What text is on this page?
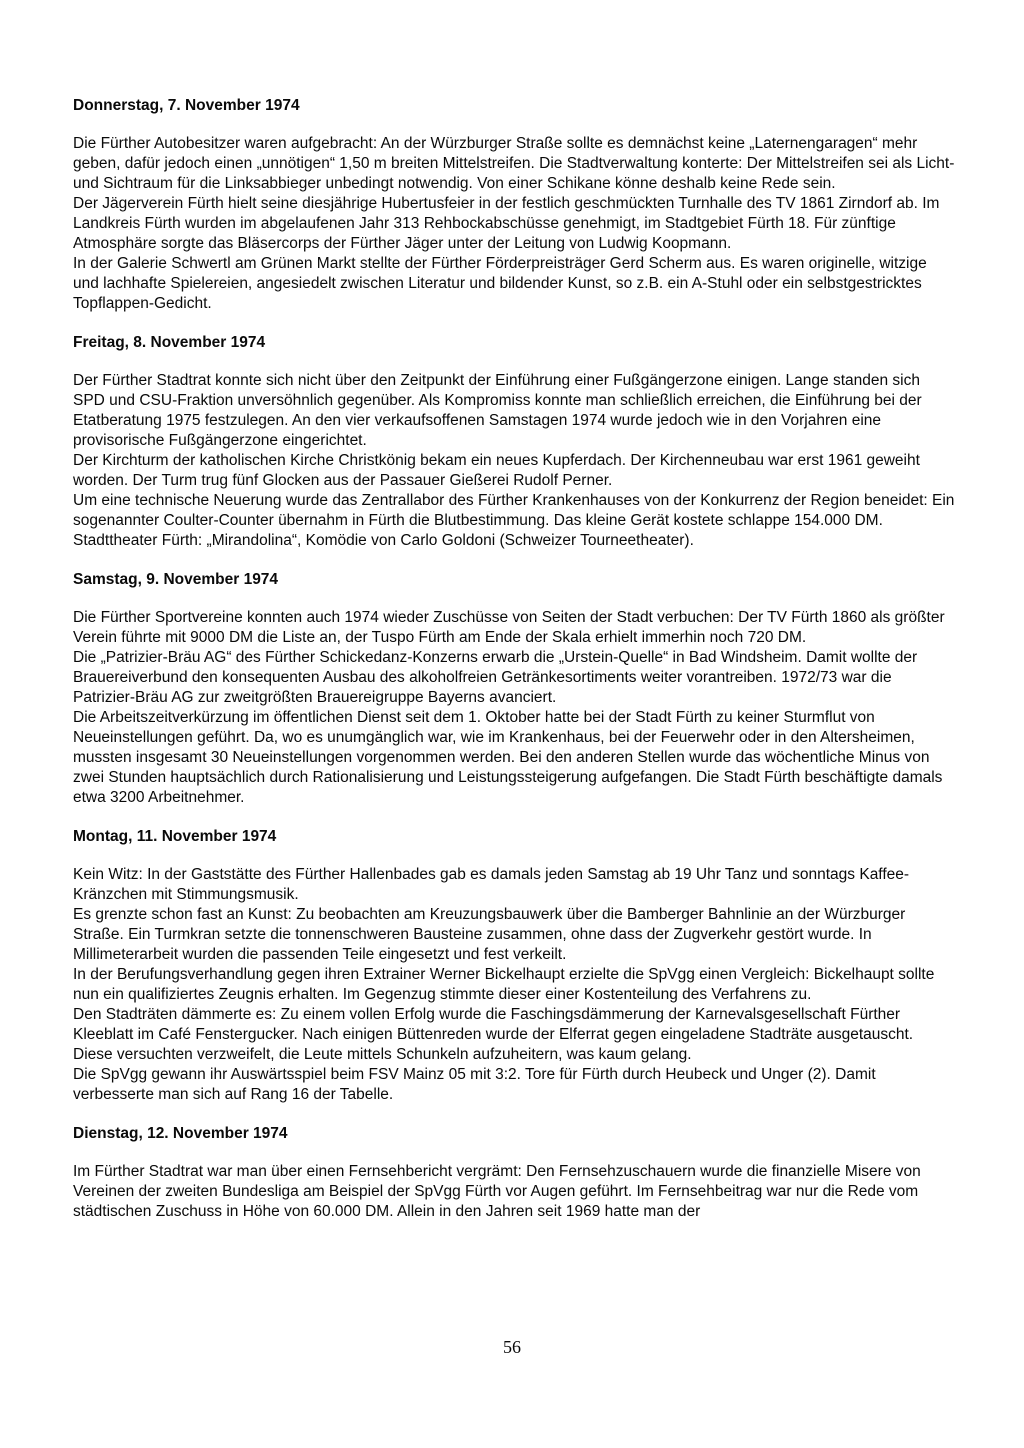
Donnerstag, 7. November 1974

Die Fürther Autobesitzer waren aufgebracht: An der Würzburger Straße sollte es demnächst keine „Laternengaragen“ mehr geben, dafür jedoch einen „unnötigen“ 1,50 m breiten Mittelstreifen. Die Stadtverwaltung konterte: Der Mittelstreifen sei als Licht- und Sichtraum für die Linksabbieger unbedingt notwendig. Von einer Schikane könne deshalb keine Rede sein.

Der Jägerverein Fürth hielt seine diesjährige Hubertusfeier in der festlich geschmückten Turnhalle des TV 1861 Zirndorf ab. Im Landkreis Fürth wurden im abgelaufenen Jahr 313 Rehbockabschüsse genehmigt, im Stadtgebiet Fürth 18. Für zünftige Atmosphäre sorgte das Bläsercorps der Fürther Jäger unter der Leitung von Ludwig Koopmann.

In der Galerie Schwertl am Grünen Markt stellte der Fürther Förderpreisträger Gerd Scherm aus. Es waren originelle, witzige und lachhafte Spielereien, angesiedelt zwischen Literatur und bildender Kunst, so z.B. ein A-Stuhl oder ein selbstgestricktes Topflappen-Gedicht.

Freitag, 8. November 1974

Der Fürther Stadtrat konnte sich nicht über den Zeitpunkt der Einführung einer Fußgängerzone einigen. Lange standen sich SPD und CSU-Fraktion unversöhnlich gegenüber. Als Kompromiss konnte man schließlich erreichen, die Einführung bei der Etatberatung 1975 festzulegen. An den vier verkaufsoffenen Samstagen 1974 wurde jedoch wie in den Vorjahren eine provisorische Fußgängerzone eingerichtet.

Der Kirchturm der katholischen Kirche Christkönig bekam ein neues Kupferdach. Der Kirchenneubau war erst 1961 geweiht worden. Der Turm trug fünf Glocken aus der Passauer Gießerei Rudolf Perner.

Um eine technische Neuerung wurde das Zentrallabor des Fürther Krankenhauses von der Konkurrenz der Region beneidet: Ein sogenannter Coulter-Counter übernahm in Fürth die Blutbestimmung. Das kleine Gerät kostete schlappe 154.000 DM.

Stadttheater Fürth: „Mirandolina“, Komödie von Carlo Goldoni (Schweizer Tourneetheater).

Samstag, 9. November 1974

Die Fürther Sportvereine konnten auch 1974 wieder Zuschüsse von Seiten der Stadt verbuchen: Der TV Fürth 1860 als größter Verein führte mit 9000 DM die Liste an, der Tuspo Fürth am Ende der Skala erhielt immerhin noch 720 DM.

Die „Patrizier-Bräu AG“ des Fürther Schickedanz-Konzerns erwarb die „Urstein-Quelle“ in Bad Windsheim. Damit wollte der Brauereiverbund den konsequenten Ausbau des alkoholfreien Getränkesortiments weiter vorantreiben. 1972/73 war die Patrizier-Bräu AG zur zweitgrößten Brauereigruppe Bayerns avanciert.

Die Arbeitszeitverkürzung im öffentlichen Dienst seit dem 1. Oktober hatte bei der Stadt Fürth zu keiner Sturmflut von Neueinstellungen geführt. Da, wo es unumgänglich war, wie im Krankenhaus, bei der Feuerwehr oder in den Altersheimen, mussten insgesamt 30 Neueinstellungen vorgenommen werden. Bei den anderen Stellen wurde das wöchentliche Minus von zwei Stunden hauptsächlich durch Rationalisierung und Leistungssteigerung aufgefangen. Die Stadt Fürth beschäftigte damals etwa 3200 Arbeitnehmer.

Montag, 11. November 1974

Kein Witz: In der Gaststätte des Fürther Hallenbades gab es damals jeden Samstag ab 19 Uhr Tanz und sonntags Kaffee-Kränzchen mit Stimmungsmusik.

Es grenzte schon fast an Kunst: Zu beobachten am Kreuzungsbauwerk über die Bamberger Bahnlinie an der Würzburger Straße. Ein Turmkran setzte die tonnenschweren Bausteine zusammen, ohne dass der Zugverkehr gestört wurde. In Millimeterarbeit wurden die passenden Teile eingesetzt und fest verkeilt.

In der Berufungsverhandlung gegen ihren Extrainer Werner Bickelhaupt erzielte die SpVgg einen Vergleich: Bickelhaupt sollte nun ein qualifiziertes Zeugnis erhalten. Im Gegenzug stimmte dieser einer Kostenteilung des Verfahrens zu.

Den Stadträten dämmerte es: Zu einem vollen Erfolg wurde die Faschingsdämmerung der Karnevalsgesellschaft Fürther Kleeblatt im Café Fenstergucker. Nach einigen Büttenreden wurde der Elferrat gegen eingeladene Stadträte ausgetauscht. Diese versuchten verzweifelt, die Leute mittels Schunkeln aufzuheitern, was kaum gelang.

Die SpVgg gewann ihr Auswärtsspiel beim FSV Mainz 05 mit 3:2. Tore für Fürth durch Heubeck und Unger (2). Damit verbesserte man sich auf Rang 16 der Tabelle.

Dienstag, 12. November 1974

Im Fürther Stadtrat war man über einen Fernsehbericht vergrämt: Den Fernsehzuschauern wurde die finanzielle Misere von Vereinen der zweiten Bundesliga am Beispiel der SpVgg Fürth vor Augen geführt. Im Fernsehbeitrag war nur die Rede vom städtischen Zuschuss in Höhe von 60.000 DM. Allein in den Jahren seit 1969 hatte man der

56
